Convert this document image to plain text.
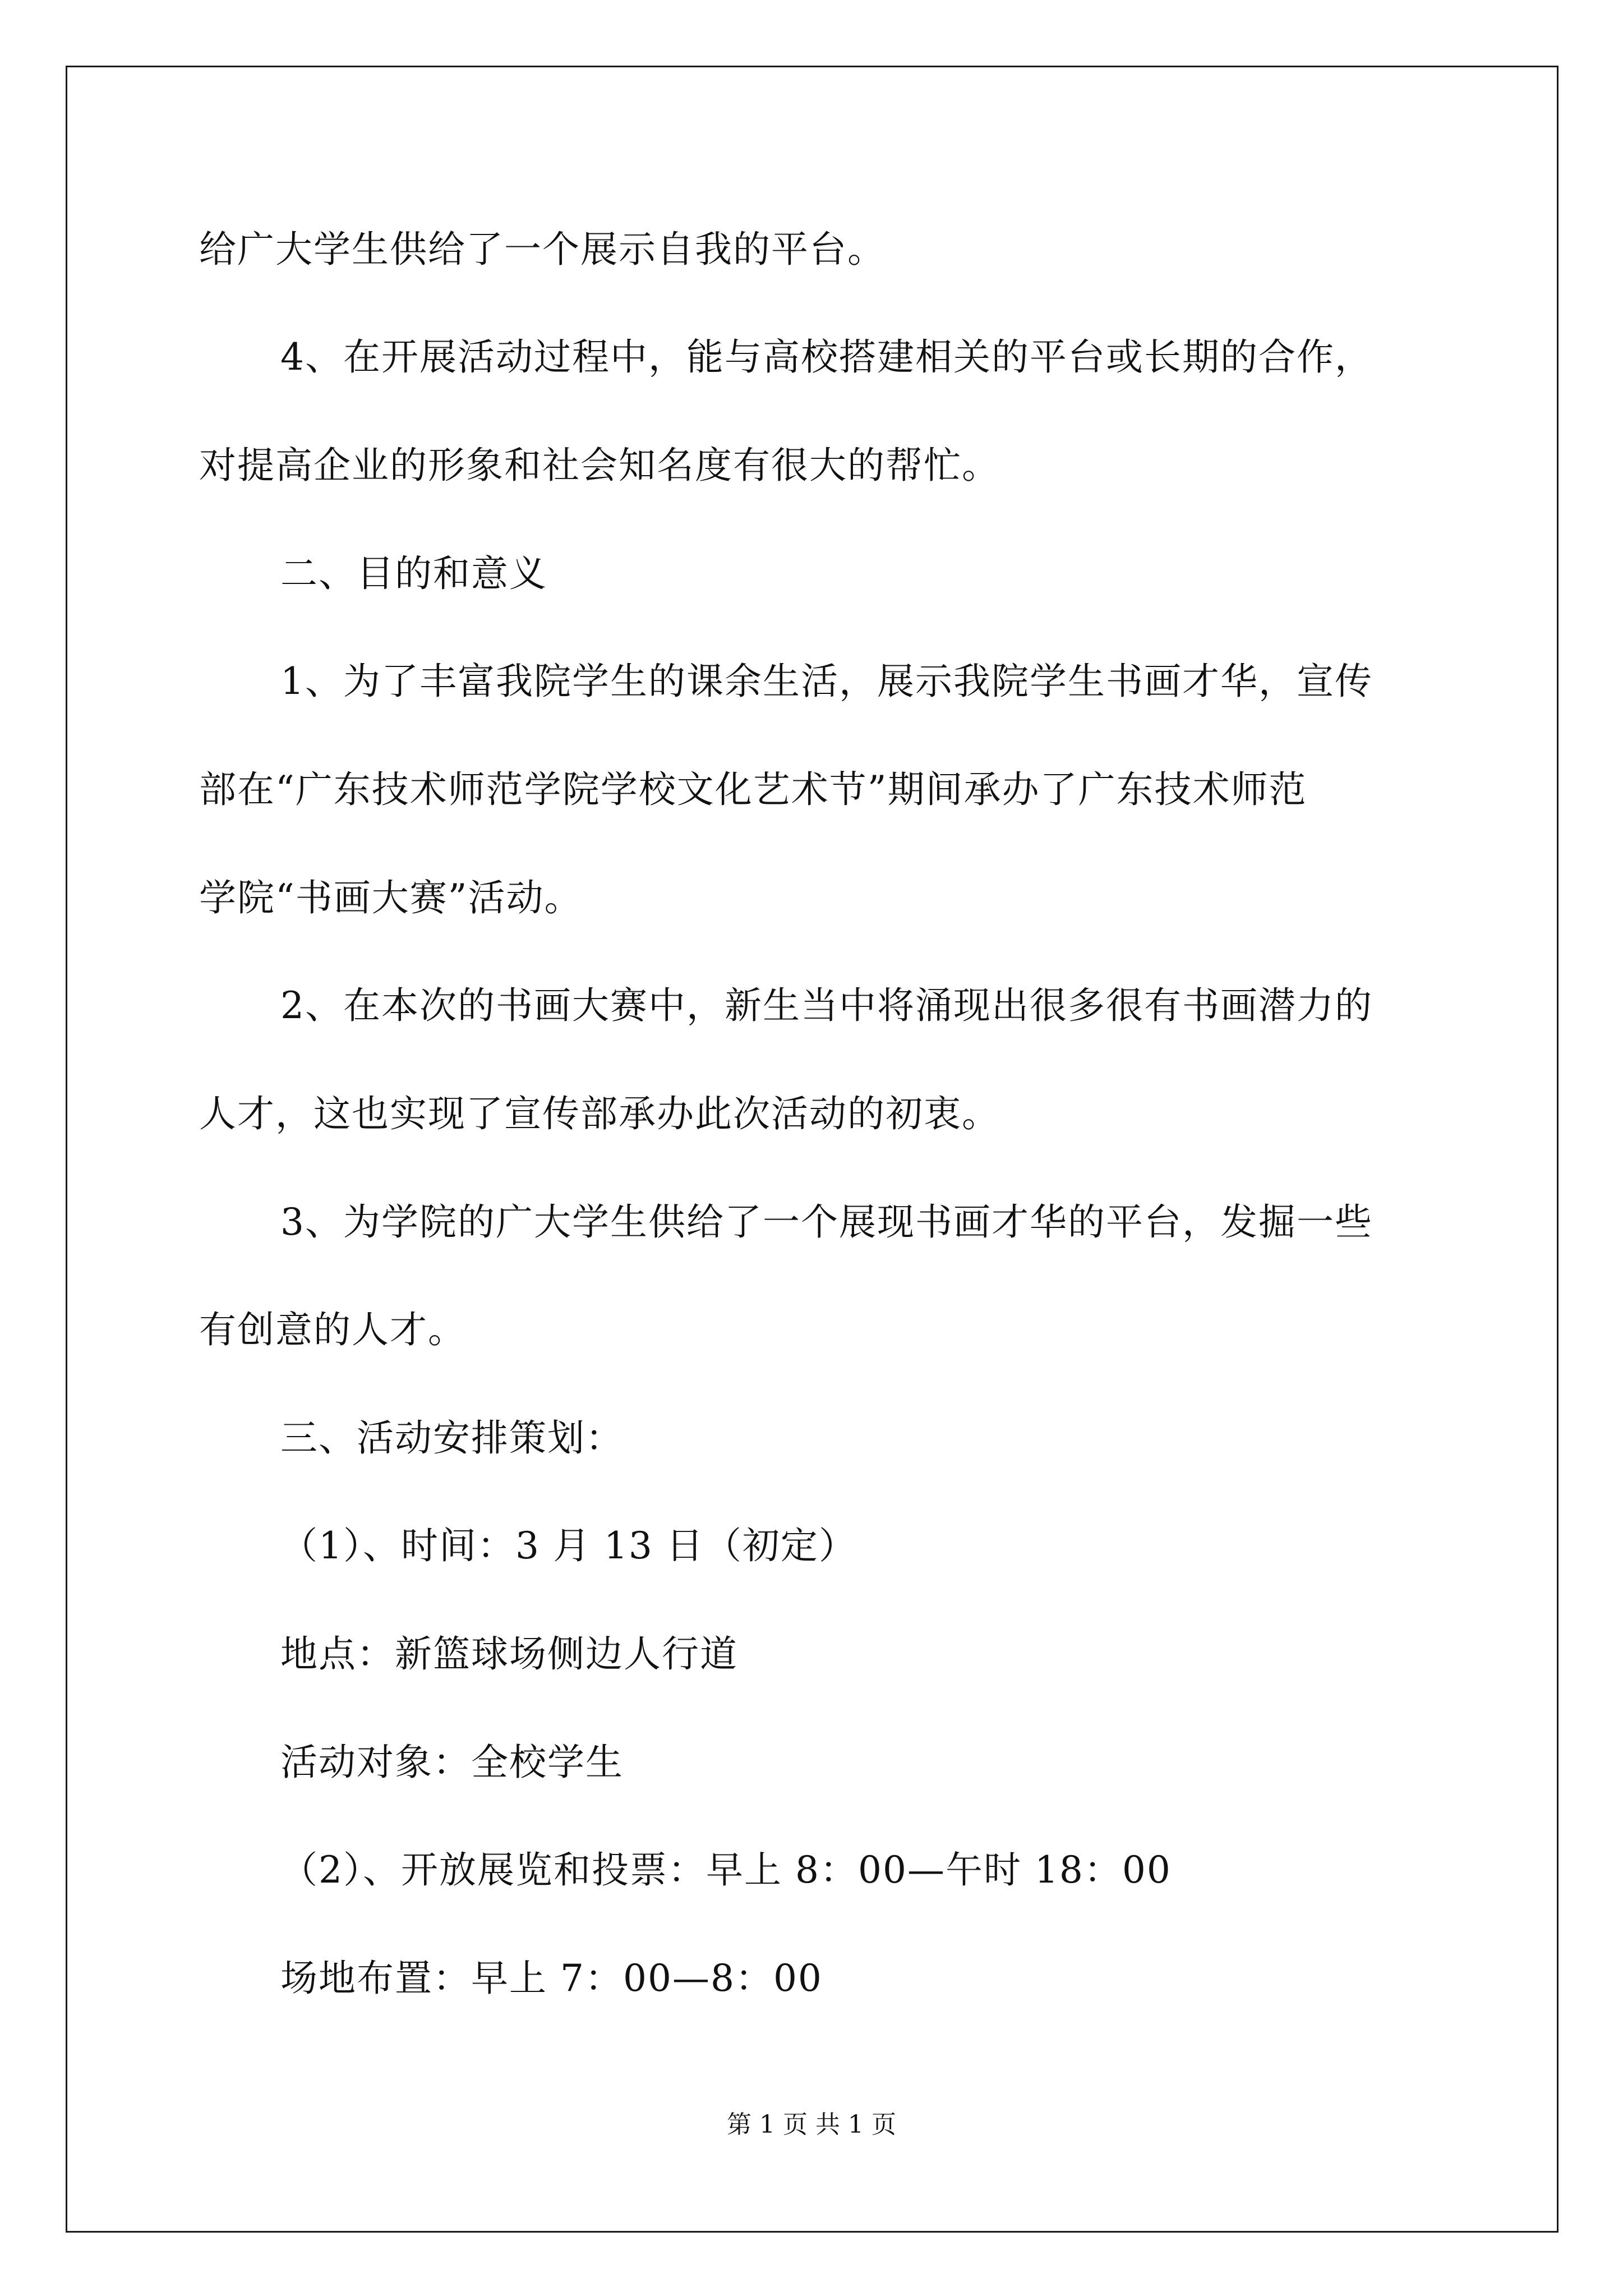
给广大学生供给了一个展示自我的平台。
4、在开展活动过程中，能与高校搭建相关的平台或长期的合作，
对提高企业的形象和社会知名度有很大的帮忙。
二、目的和意义
1、为了丰富我院学生的课余生活，展示我院学生书画才华，宣传
部在“广东技术师范学院学校文化艺术节”期间承办了广东技术师范
学院“书画大赛”活动。
2、在本次的书画大赛中，新生当中将涌现出很多很有书画潜力的
人才，这也实现了宣传部承办此次活动的初衷。
3、为学院的广大学生供给了一个展现书画才华的平台，发掘一些
有创意的人才。
三、活动安排策划：
（1）、时间：3 月 13 日（初定）
地点：新篮球场侧边人行道
活动对象：全校学生
（2）、开放展览和投票：早上 8：00—午时 18：00
场地布置：早上 7：00—8：00
第 1 页 共 1 页
